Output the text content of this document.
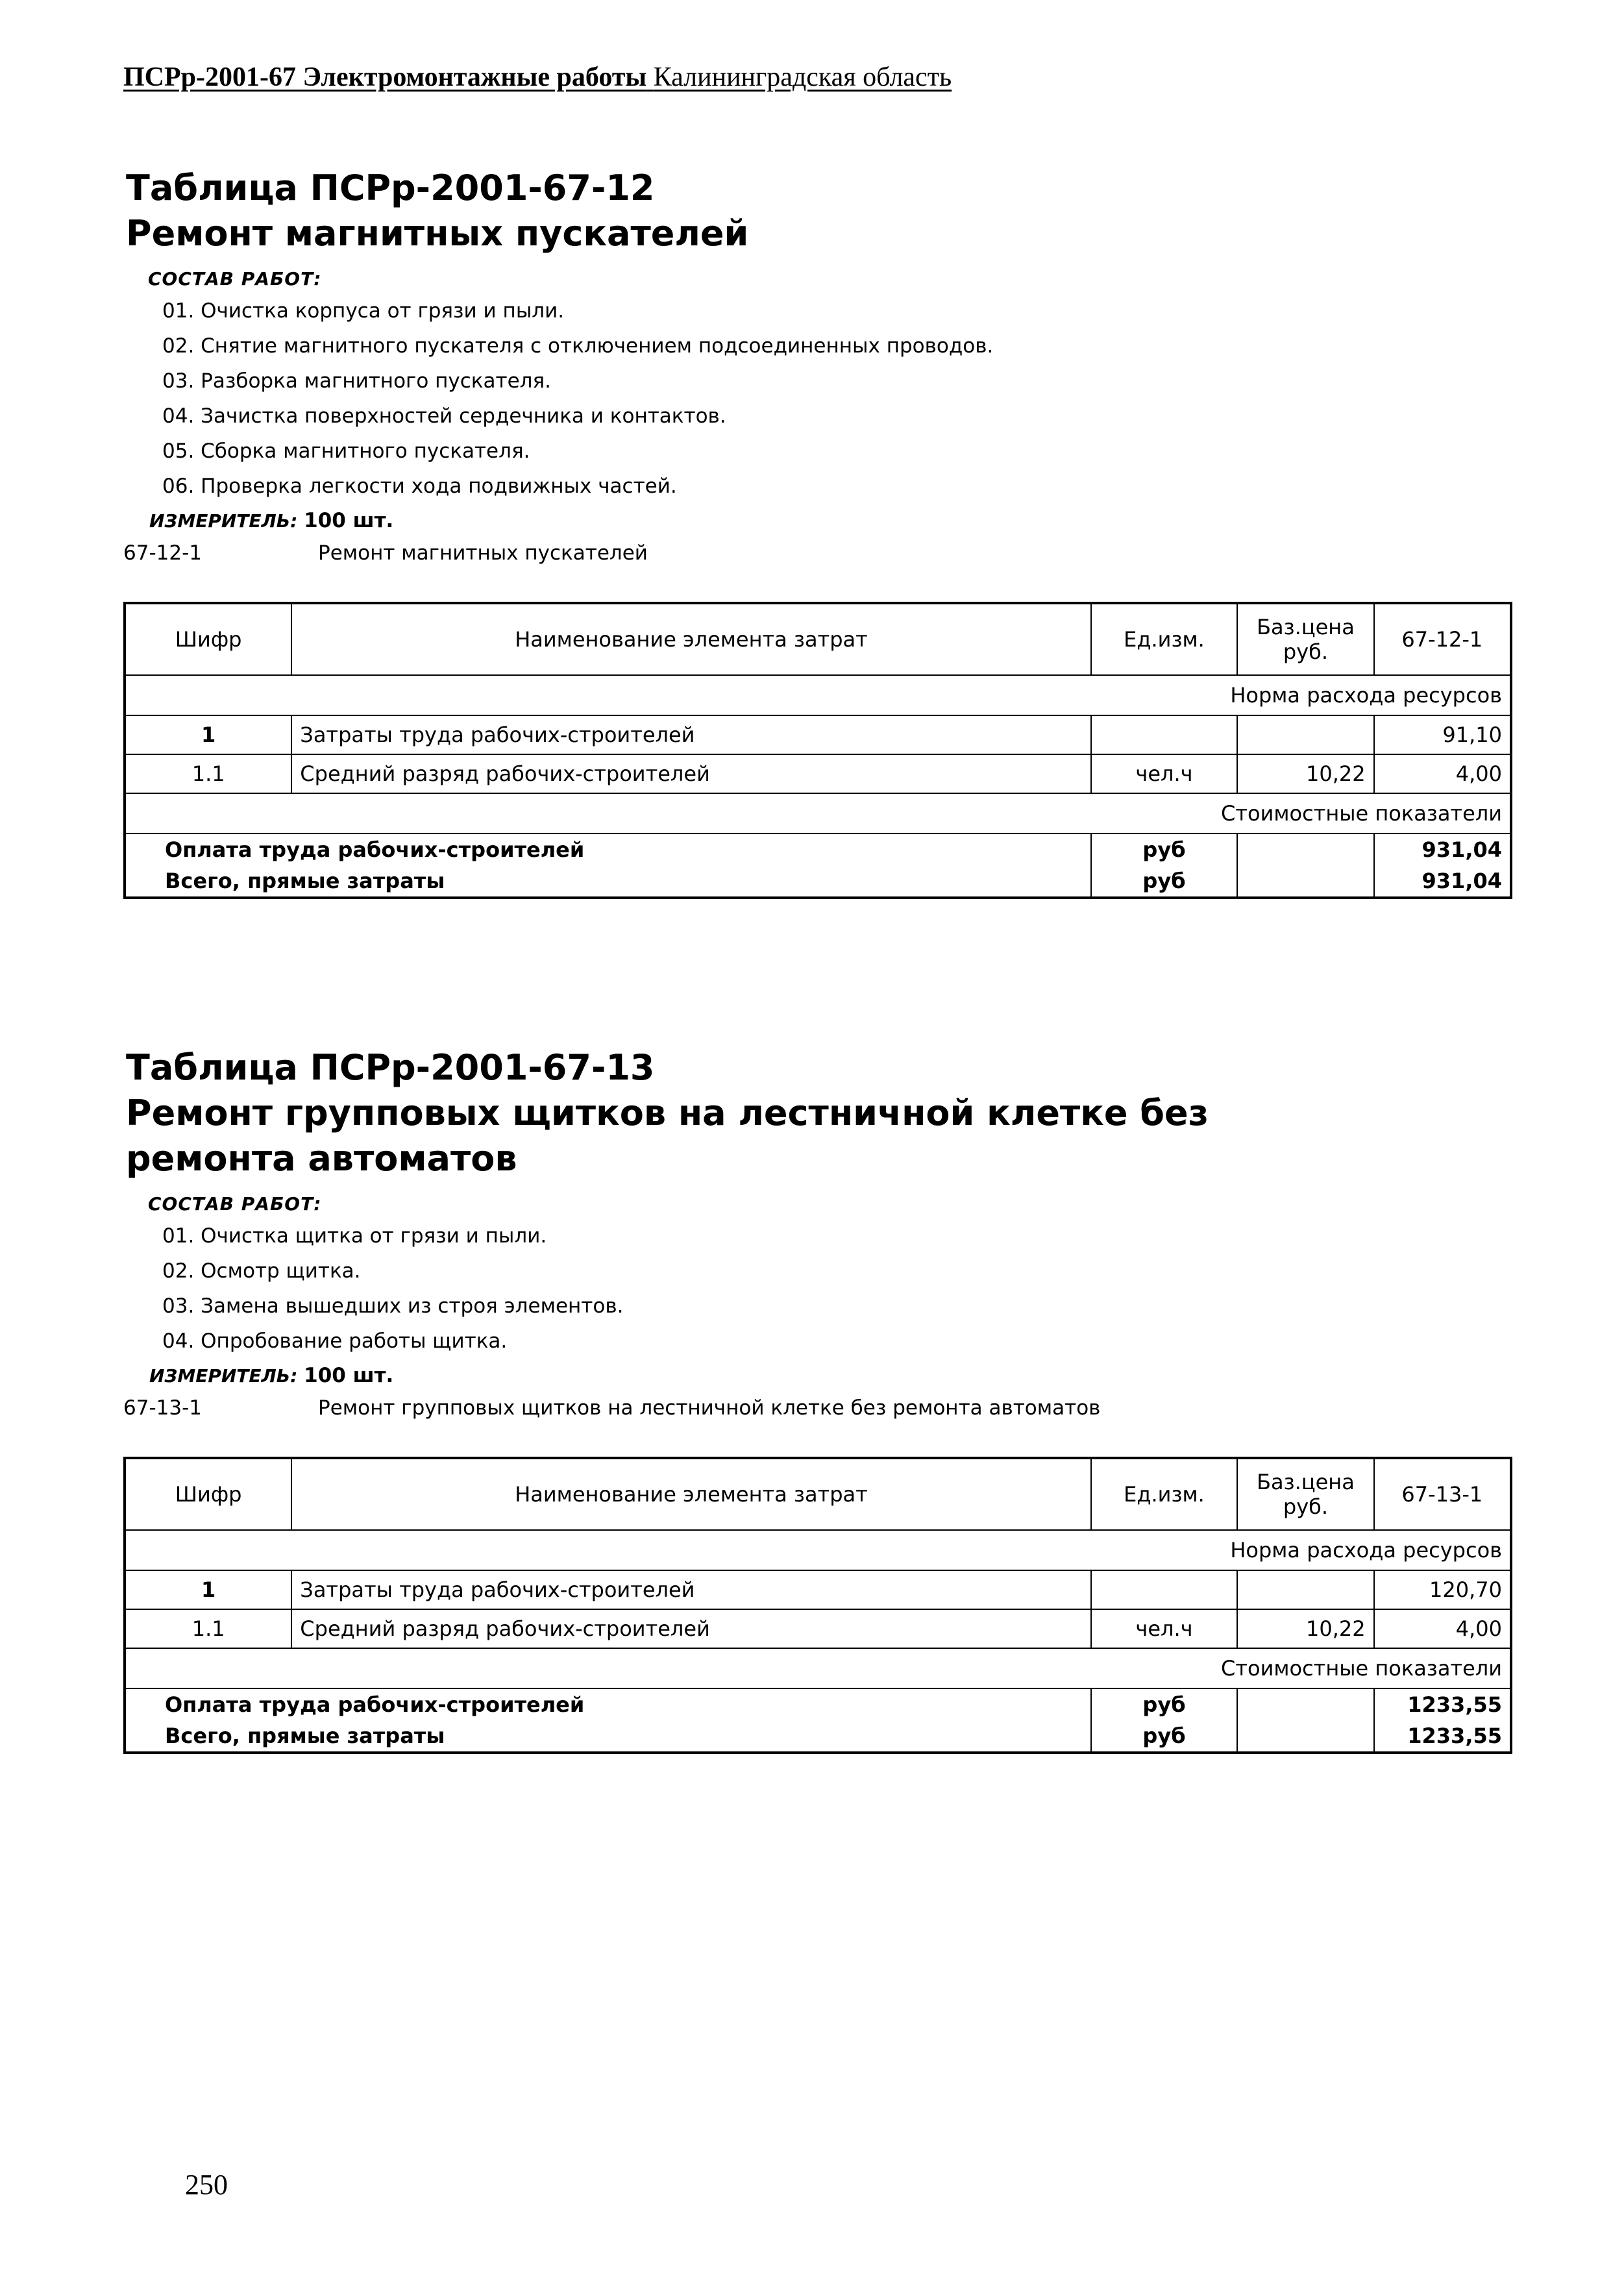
ПСРр-2001-67 Электромонтажные работы Калининградская область
Таблица ПСРр-2001-67-12
Ремонт магнитных пускателей
СОСТАВ РАБОТ:
01. Очистка корпуса от грязи и пыли.
02. Снятие магнитного пускателя с отключением подсоединенных проводов.
03. Разборка магнитного пускателя.
04. Зачистка поверхностей сердечника и контактов.
05. Сборка магнитного пускателя.
06. Проверка легкости хода подвижных частей.
ИЗМЕРИТЕЛЬ: 100 шт.
67-12-1	Ремонт магнитных пускателей
Шифр	Наименование элемента затрат	Ед.изм.	Баз.цена руб.	67-12-1
Норма расхода ресурсов				
1	Затраты труда рабочих-строителей			91,10
1.1	Средний разряд рабочих-строителей	чел.ч	10,22	4,00
Стоимостные показатели				
Оплата труда рабочих-строителей		руб		931,04
Всего, прямые затраты		руб		931,04
Таблица ПСРр-2001-67-13
Ремонт групповых щитков на лестничной клетке без ремонта автоматов
СОСТАВ РАБОТ:
01. Очистка щитка от грязи и пыли.
02. Осмотр щитка.
03. Замена вышедших из строя элементов.
04. Опробование работы щитка.
ИЗМЕРИТЕЛЬ: 100 шт.
67-13-1	Ремонт групповых щитков на лестничной клетке без ремонта автоматов
Шифр	Наименование элемента затрат	Ед.изм.	Баз.цена руб.	67-13-1
Норма расхода ресурсов				
1	Затраты труда рабочих-строителей			120,70
1.1	Средний разряд рабочих-строителей	чел.ч	10,22	4,00
Стоимостные показатели				
Оплата труда рабочих-строителей		руб		1233,55
Всего, прямые затраты		руб		1233,55
250
